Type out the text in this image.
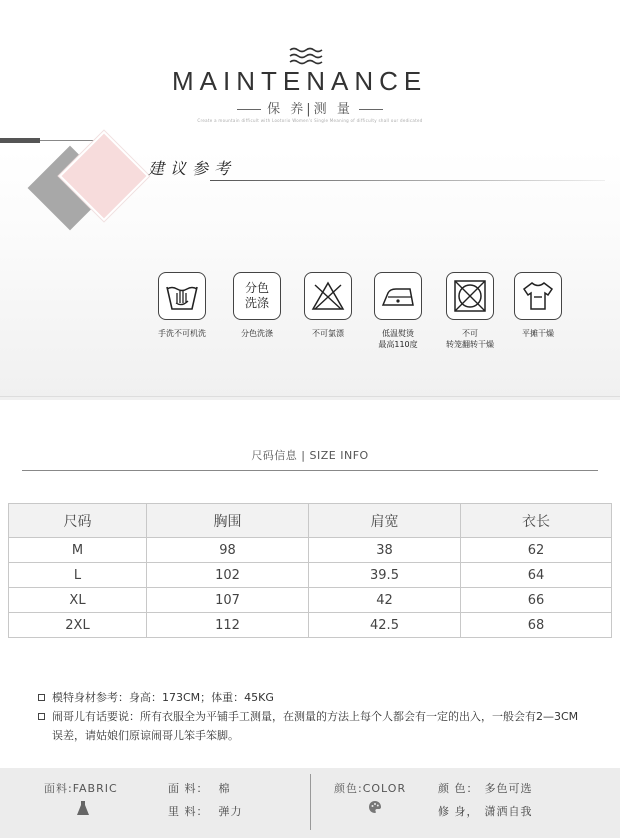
MAINTENANCE
保 养|测 量
Create a mountain difficult with Lootorio Women's Single Meaning of difficulty shall our dedicated
建议参考
手洗不可机洗
分色
洗涤
分色洗涤	不可氯漂	低温熨烫
最高110度
不可
转笼翻转干燥
平摊干燥
尺码信息 | SIZE INFO
尺码	胸围	肩宽	衣长
M	98	38	62
L	102	39.5	64
XL	107	42	66
2XL	112	42.5	68
模特身材参考：身高：173CM；体重：45KG
闹哥儿有话要说：所有衣服全为平铺手工测量，在测量的方法上每个人都会有一定的出入，一般会有2—3CM
误差，请姑娘们原谅闹哥儿笨手笨脚。
面料:FABRIC	面 料： 棉
里 料： 弹力
颜色:COLOR	颜 色： 多色可选
修 身， 潇洒自我
